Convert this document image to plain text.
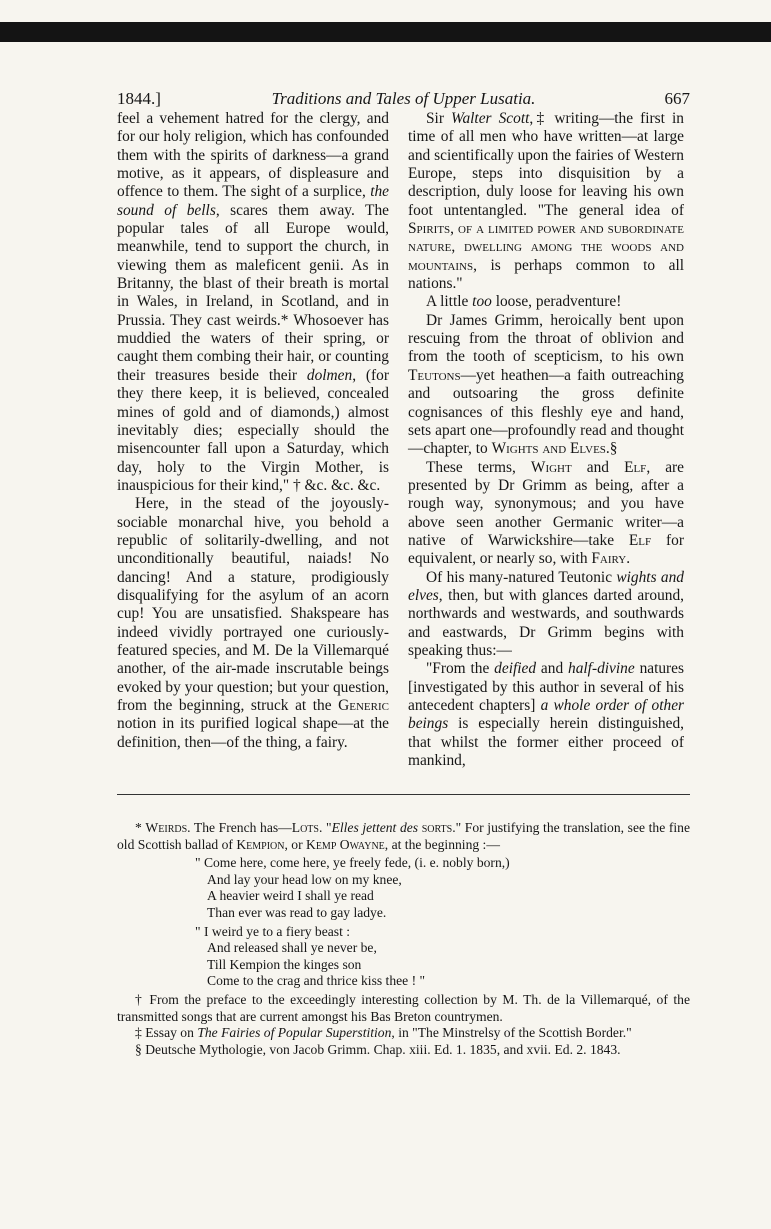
1844.]	Traditions and Tales of Upper Lusatia.	667

feel a vehement hatred for the clergy, and for our holy religion, which has confounded them with the spirits of darkness—a grand motive, as it appears, of displeasure and offence to them. The sight of a surplice, the sound of bells, scares them away. The popular tales of all Europe would, meanwhile, tend to support the church, in viewing them as maleficent genii. As in Britanny, the blast of their breath is mortal in Wales, in Ireland, in Scotland, and in Prussia. They cast weirds.* Whosoever has muddied the waters of their spring, or caught them combing their hair, or counting their treasures beside their dolmen, (for they there keep, it is believed, concealed mines of gold and of diamonds,) almost inevitably dies; especially should the misencounter fall upon a Saturday, which day, holy to the Virgin Mother, is inauspicious for their kind," † &c. &c. &c.

Here, in the stead of the joyously-sociable monarchal hive, you behold a republic of solitarily-dwelling, and not unconditionally beautiful, naiads! No dancing! And a stature, prodigiously disqualifying for the asylum of an acorn cup! You are unsatisfied. Shakspeare has indeed vividly portrayed one curiously-featured species, and M. De la Villemarqué another, of the air-made inscrutable beings evoked by your question; but your question, from the beginning, struck at the Generic notion in its purified logical shape—at the definition, then—of the thing, a fairy.

Sir Walter Scott,‡ writing—the first in time of all men who have written—at large and scientifically upon the fairies of Western Europe, steps into disquisition by a description, duly loose for leaving his own foot untentangled. "The general idea of Spirits, of a limited power and subordinate nature, dwelling among the woods and mountains, is perhaps common to all nations."

A little too loose, peradventure!

Dr James Grimm, heroically bent upon rescuing from the throat of oblivion and from the tooth of scepticism, to his own Teutons—yet heathen—a faith outreaching and outsoaring the gross definite cognisances of this fleshly eye and hand, sets apart one—profoundly read and thought—chapter, to Wights and Elves.§

These terms, Wight and Elf, are presented by Dr Grimm as being, after a rough way, synonymous; and you have above seen another Germanic writer—a native of Warwickshire—take Elf for equivalent, or nearly so, with Fairy.

Of his many-natured Teutonic wights and elves, then, but with glances darted around, northwards and westwards, and southwards and eastwards, Dr Grimm begins with speaking thus:—

"From the deified and half-divine natures [investigated by this author in several of his antecedent chapters] a whole order of other beings is especially herein distinguished, that whilst the former either proceed of mankind,

* Weirds. The French has—Lots. "Elles jettent des sorts." For justifying the translation, see the fine old Scottish ballad of Kempion, or Kemp Owayne, at the beginning :—

" Come here, come here, ye freely fede, (i. e. nobly born,)
And lay your head low on my knee,
A heavier weird I shall ye read
Than ever was read to gay ladye.
" I weird ye to a fiery beast :
And released shall ye never be,
Till Kempion the kinges son
Come to the crag and thrice kiss thee ! "

† From the preface to the exceedingly interesting collection by M. Th. de la Villemarqué, of the transmitted songs that are current amongst his Bas Breton countrymen.

‡ Essay on The Fairies of Popular Superstition, in "The Minstrelsy of the Scottish Border."

§ Deutsche Mythologie, von Jacob Grimm. Chap. xiii. Ed. 1. 1835, and xvii. Ed. 2. 1843.
